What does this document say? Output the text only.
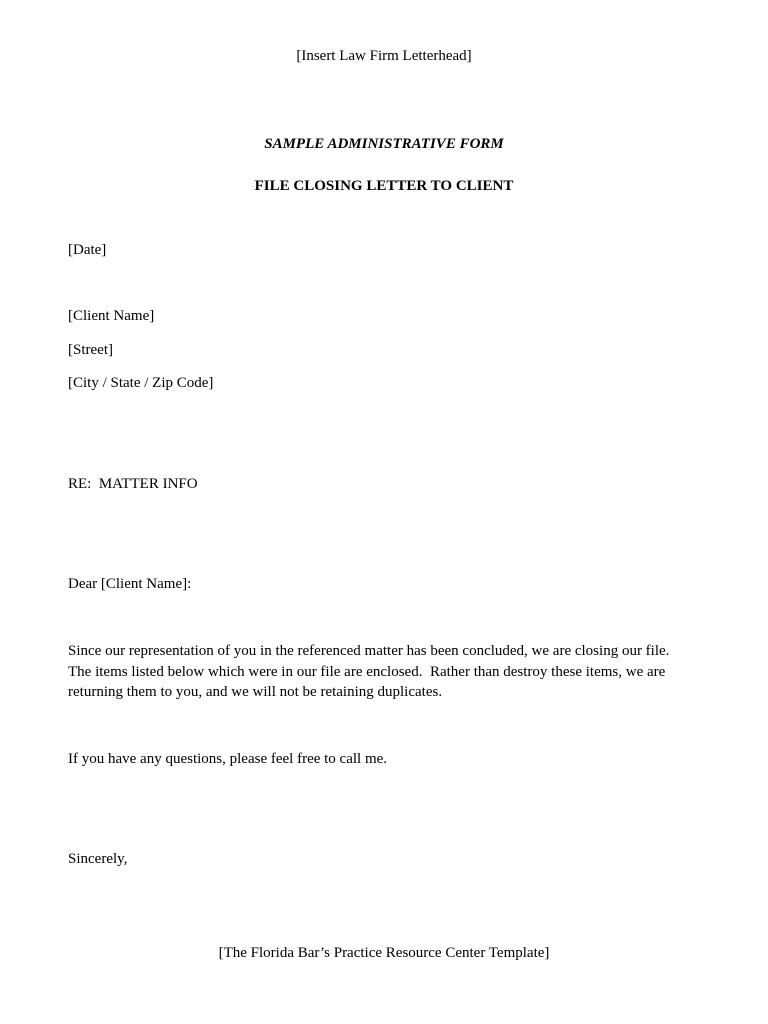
[Insert Law Firm Letterhead]

SAMPLE ADMINISTRATIVE FORM

FILE CLOSING LETTER TO CLIENT

[Date]

[Client Name]

[Street]

[City / State / Zip Code]

RE:  MATTER INFO

Dear [Client Name]:

Since our representation of you in the referenced matter has been concluded, we are closing our file.  The items listed below which were in our file are enclosed.  Rather than destroy these items, we are returning them to you, and we will not be retaining duplicates.

If you have any questions, please feel free to call me.

Sincerely,

[The Florida Bar’s Practice Resource Center Template]
